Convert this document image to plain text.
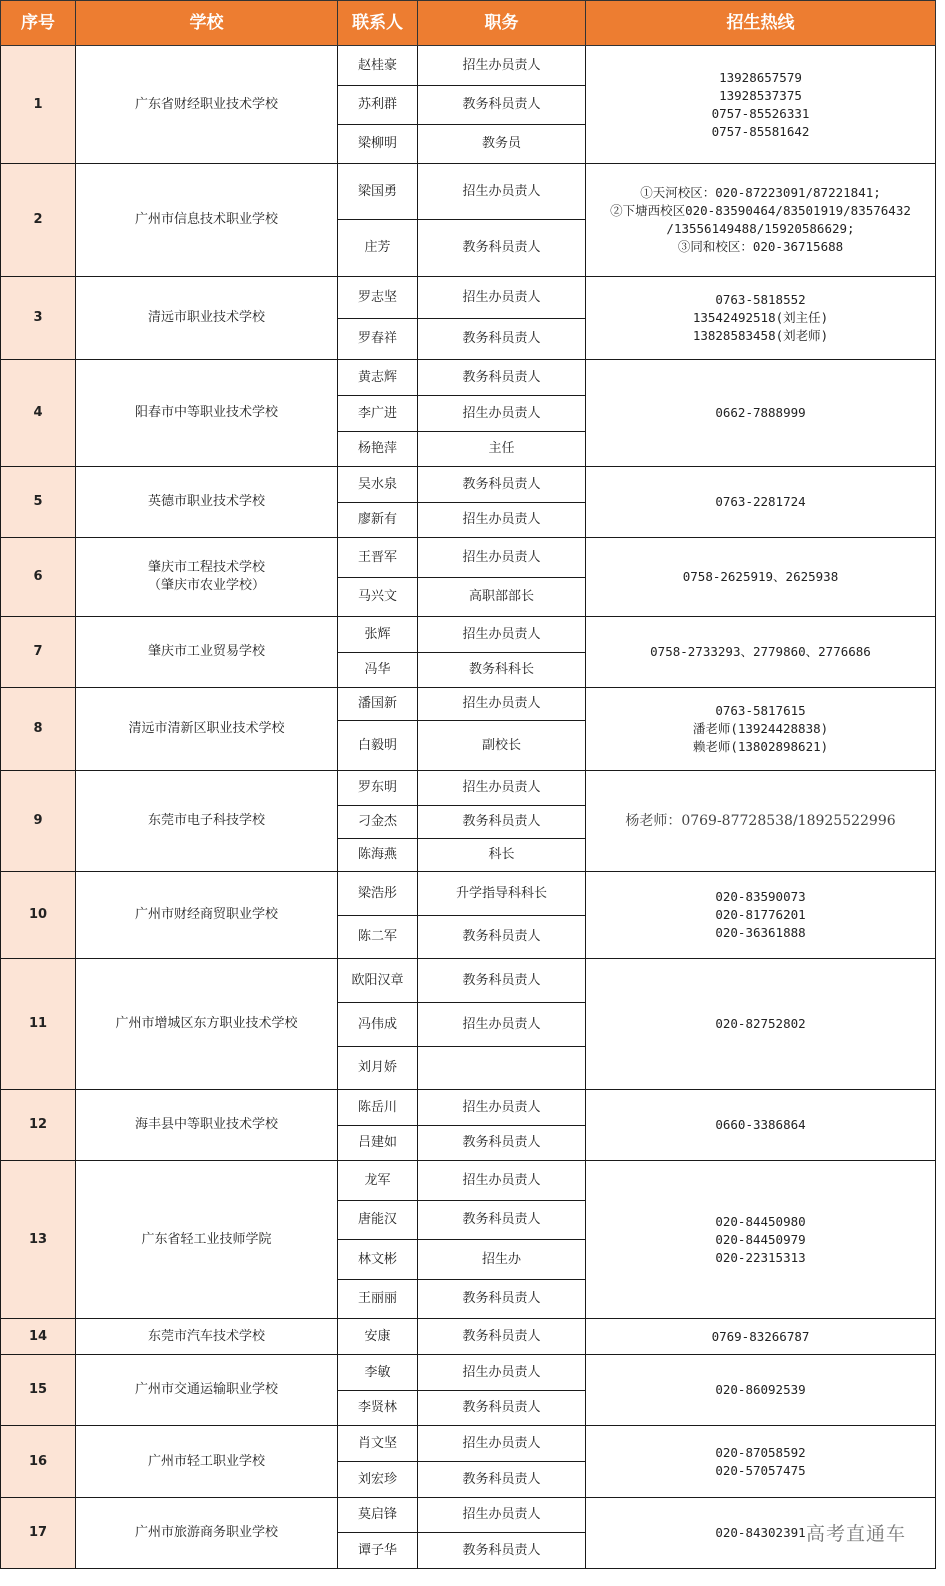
序号	学校	联系人	职务	招生热线
1	广东省财经职业技术学校	赵桂豪	招生办员责人	13928657579
13928537375
0757-85526331
0757-85581642
		苏利群	教务科员责人	
		梁柳明	教务员	
2	广州市信息技术职业学校	梁国勇	招生办员责人	①天河校区：020-87223091/87221841;
②下塘西校区020-83590464/83501919/83576432
/13556149488/15920586629;
③同和校区：020-36715688
		庄芳	教务科员责人	
3	清远市职业技术学校	罗志坚	招生办员责人	0763-5818552
13542492518(刘主任)
13828583458(刘老师)
		罗春祥	教务科员责人	
4	阳春市中等职业技术学校	黄志辉	教务科员责人	0662-7888999
		李广进	招生办员责人	
		杨艳萍	主任	
5	英德市职业技术学校	吴水泉	教务科员责人	0763-2281724
		廖新有	招生办员责人	
6	肇庆市工程技术学校
（肇庆市农业学校）	王晋军	招生办员责人	0758-2625919、2625938
		马兴文	高职部部长	
7	肇庆市工业贸易学校	张辉	招生办员责人	0758-2733293、2779860、2776686
		冯华	教务科科长	
8	清远市清新区职业技术学校	潘国新	招生办员责人	0763-5817615
潘老师(13924428838)
赖老师(13802898621)
		白毅明	副校长	
9	东莞市电子科技学校	罗东明	招生办员责人	杨老师：0769-87728538/18925522996
		刁金杰	教务科员责人	
		陈海燕	科长	
10	广州市财经商贸职业学校	梁浩彤	升学指导科科长	020-83590073
020-81776201
020-36361888
		陈二军	教务科员责人	
11	广州市增城区东方职业技术学校	欧阳汉章	教务科员责人	020-82752802
		冯伟成	招生办员责人	
		刘月娇		
12	海丰县中等职业技术学校	陈岳川	招生办员责人	0660-3386864
		吕建如	教务科员责人	
13	广东省轻工业技师学院	龙军	招生办员责人	020-84450980
020-84450979
020-22315313
		唐能汉	教务科员责人	
		林文彬	招生办	
		王丽丽	教务科员责人	
14	东莞市汽车技术学校	安康	教务科员责人	0769-83266787
15	广州市交通运输职业学校	李敏	招生办员责人	020-86092539
		李贤林	教务科员责人	
16	广州市轻工职业学校	肖文坚	招生办员责人	020-87058592
020-57057475
		刘宏珍	教务科员责人	
17	广州市旅游商务职业学校	莫启锋	招生办员责人	020-84302391
		谭子华	教务科员责人	
高考直通车
